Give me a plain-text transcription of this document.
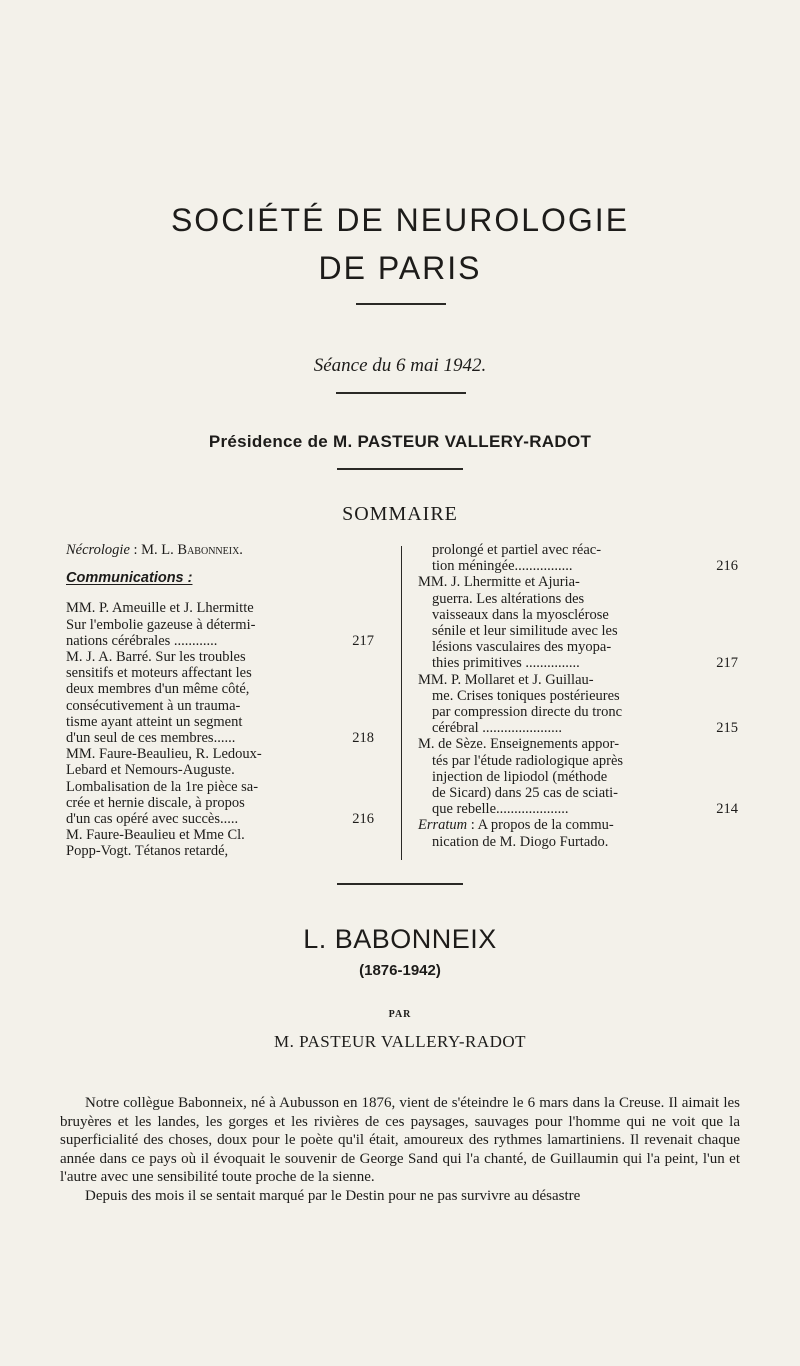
SOCIÉTÉ DE NEUROLOGIE
DE PARIS
Séance du 6 mai 1942.
Présidence de M. PASTEUR VALLERY-RADOT
SOMMAIRE
Nécrologie : M. L. Babonneix.
Communications :
MM. P. Ameuille et J. Lhermitte
Sur l'embolie gazeuse à détermi-
nations cérébrales ............	217
M. J. A. Barré. Sur les troubles
sensitifs et moteurs affectant les
deux membres d'un même côté,
consécutivement à un trauma-
tisme ayant atteint un segment
d'un seul de ces membres......	218
MM. Faure-Beaulieu, R. Ledoux-
Lebard et Nemours-Auguste.
Lombalisation de la 1re pièce sa-
crée et hernie discale, à propos
d'un cas opéré avec succès.....	216
M. Faure-Beaulieu et Mme Cl.
Popp-Vogt. Tétanos retardé,
prolongé et partiel avec réac-
tion méningée................	216
MM. J. Lhermitte et Ajuria-
guerra. Les altérations des
vaisseaux dans la myosclérose
sénile et leur similitude avec les
lésions vasculaires des myopa-
thies primitives ...............	217
MM. P. Mollaret et J. Guillau-
me. Crises toniques postérieures
par compression directe du tronc
cérébral ......................	215
M. de Sèze. Enseignements appor-
tés par l'étude radiologique après
injection de lipiodol (méthode
de Sicard) dans 25 cas de sciati-
que rebelle....................	214
Erratum : A propos de la commu-
nication de M. Diogo Furtado.
L. BABONNEIX
(1876-1942)
PAR
M. PASTEUR VALLERY-RADOT

Notre collègue Babonneix, né à Aubusson en 1876, vient de s'éteindre le 6 mars dans la Creuse. Il aimait les bruyères et les landes, les gorges et les rivières de ces paysages, sauvages pour l'homme qui ne voit que la superficialité des choses, doux pour le poète qu'il était, amoureux des rythmes lamartiniens. Il revenait chaque année dans ce pays où il évoquait le souvenir de George Sand qui l'a chanté, de Guillaumin qui l'a peint, l'un et l'autre avec une sensibilité toute proche de la sienne.

Depuis des mois il se sentait marqué par le Destin pour ne pas survivre au désastre
